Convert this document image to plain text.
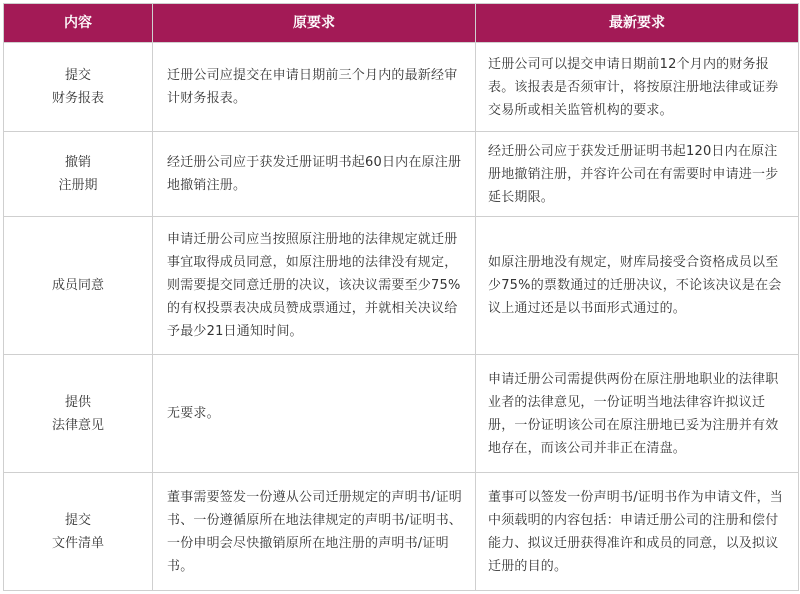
内容	原要求	最新要求

提交
财务报表	迁册公司应提交在申请日期前三个月内的最新经审计财务报表。	迁册公司可以提交申请日期前12个月内的财务报表。该报表是否须审计，将按原注册地法律或证券交易所或相关监管机构的要求。

撤销
注册期	经迁册公司应于获发迁册证明书起60日内在原注册地撤销注册。	经迁册公司应于获发迁册证明书起120日内在原注册地撤销注册，并容许公司在有需要时申请进一步延长期限。

成员同意	申请迁册公司应当按照原注册地的法律规定就迁册事宜取得成员同意，如原注册地的法律没有规定，则需要提交同意迁册的决议，该决议需要至少75%的有权投票表决成员赞成票通过，并就相关决议给予最少21日通知时间。	如原注册地没有规定，财库局接受合资格成员以至少75%的票数通过的迁册决议，不论该决议是在会议上通过还是以书面形式通过的。

提供
法律意见	无要求。	申请迁册公司需提供两份在原注册地职业的法律职业者的法律意见，一份证明当地法律容许拟议迁册，一份证明该公司在原注册地已妥为注册并有效地存在，而该公司并非正在清盘。

提交
文件清单	董事需要签发一份遵从公司迁册规定的声明书/证明书、一份遵循原所在地法律规定的声明书/证明书、一份申明会尽快撤销原所在地注册的声明书/证明书。	董事可以签发一份声明书/证明书作为申请文件，当中须载明的内容包括：申请迁册公司的注册和偿付能力、拟议迁册获得准许和成员的同意，以及拟议迁册的目的。
